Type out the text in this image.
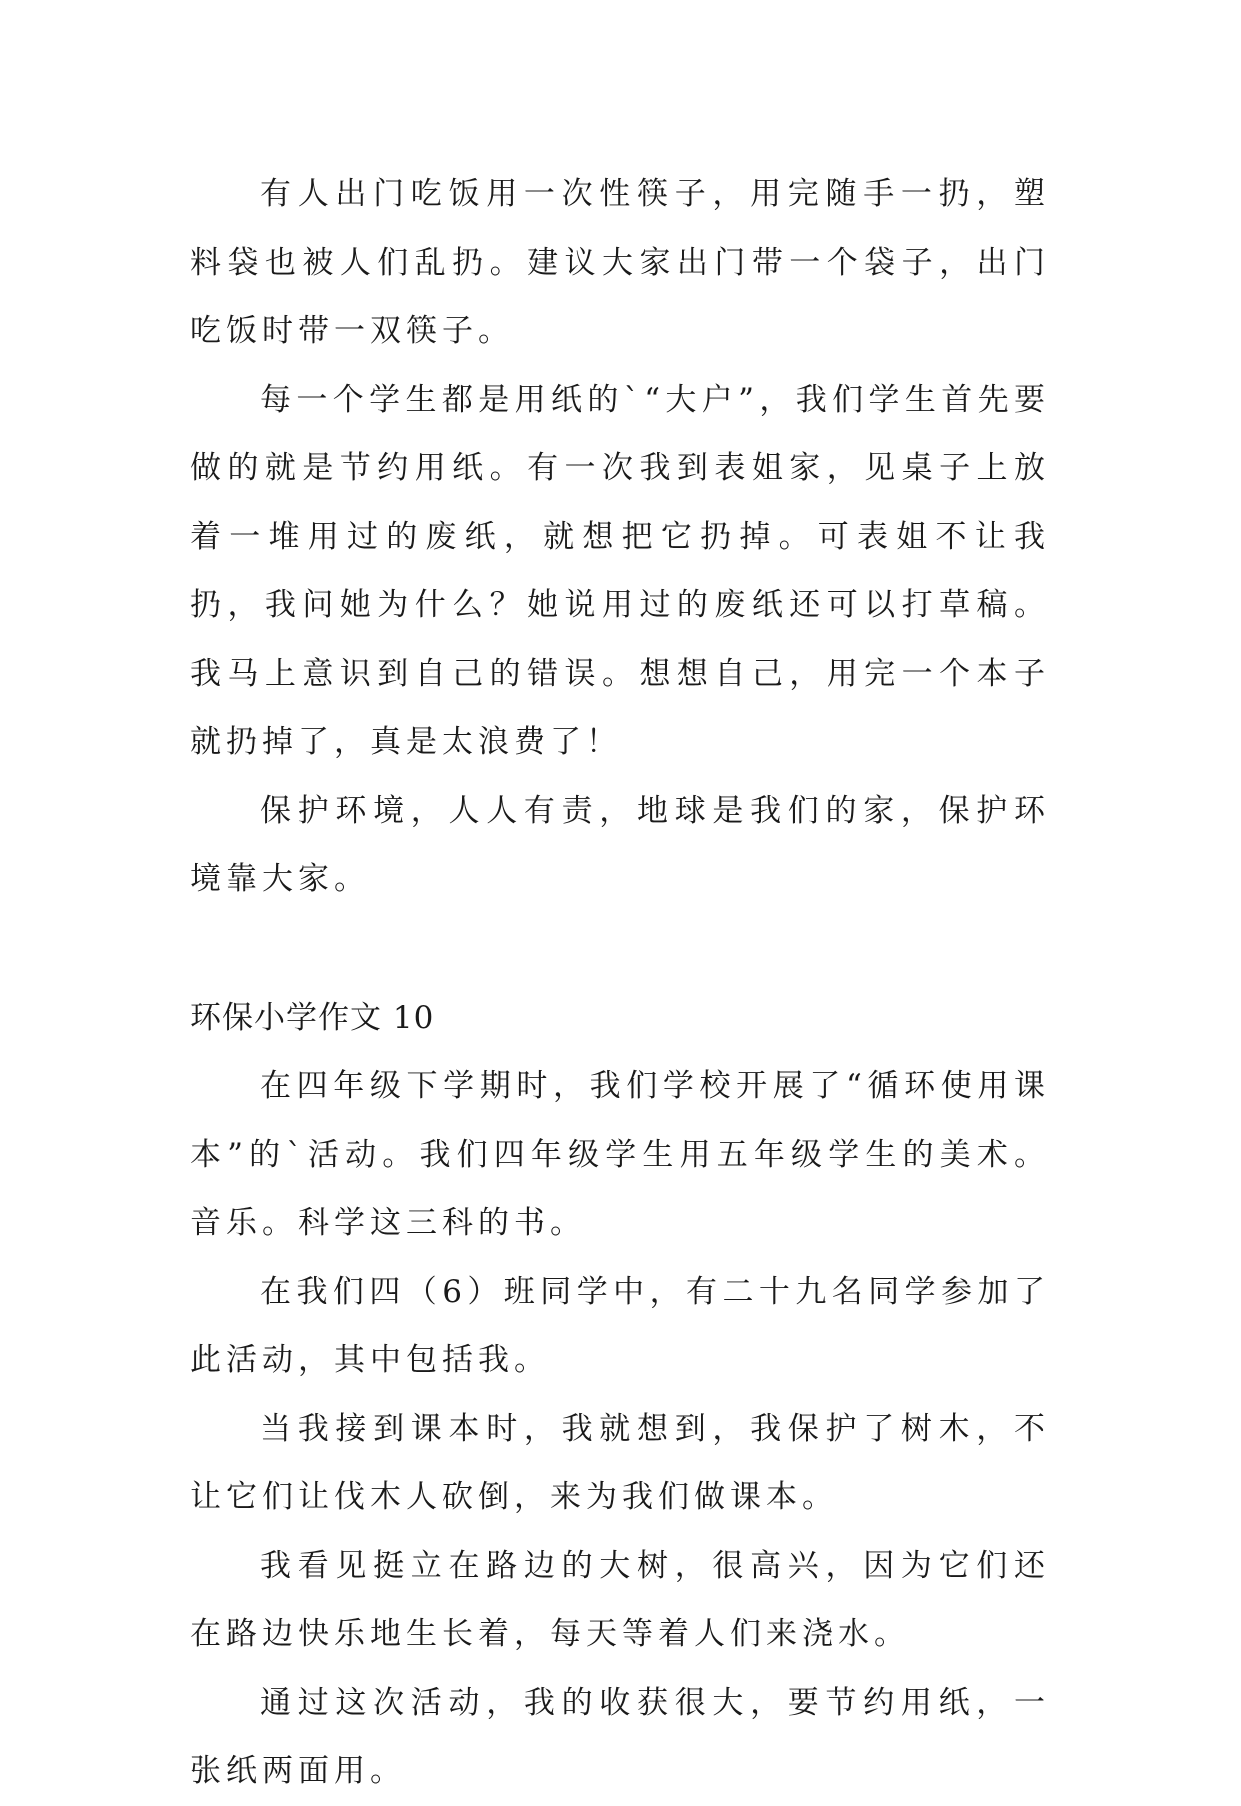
有人出门吃饭用一次性筷子，用完随手一扔，塑料袋也被人们乱扔。建议大家出门带一个袋子，出门吃饭时带一双筷子。

每一个学生都是用纸的`“大户”，我们学生首先要做的就是节约用纸。有一次我到表姐家，见桌子上放着一堆用过的废纸，就想把它扔掉。可表姐不让我扔，我问她为什么？她说用过的废纸还可以打草稿。我马上意识到自己的错误。想想自己，用完一个本子就扔掉了，真是太浪费了！

保护环境，人人有责，地球是我们的家，保护环境靠大家。

环保小学作文 10

在四年级下学期时，我们学校开展了“循环使用课本”的`活动。我们四年级学生用五年级学生的美术。音乐。科学这三科的书。

在我们四（6）班同学中，有二十九名同学参加了此活动，其中包括我。

当我接到课本时，我就想到，我保护了树木，不让它们让伐木人砍倒，来为我们做课本。

我看见挺立在路边的大树，很高兴，因为它们还在路边快乐地生长着，每天等着人们来浇水。

通过这次活动，我的收获很大，要节约用纸，一张纸两面用。
